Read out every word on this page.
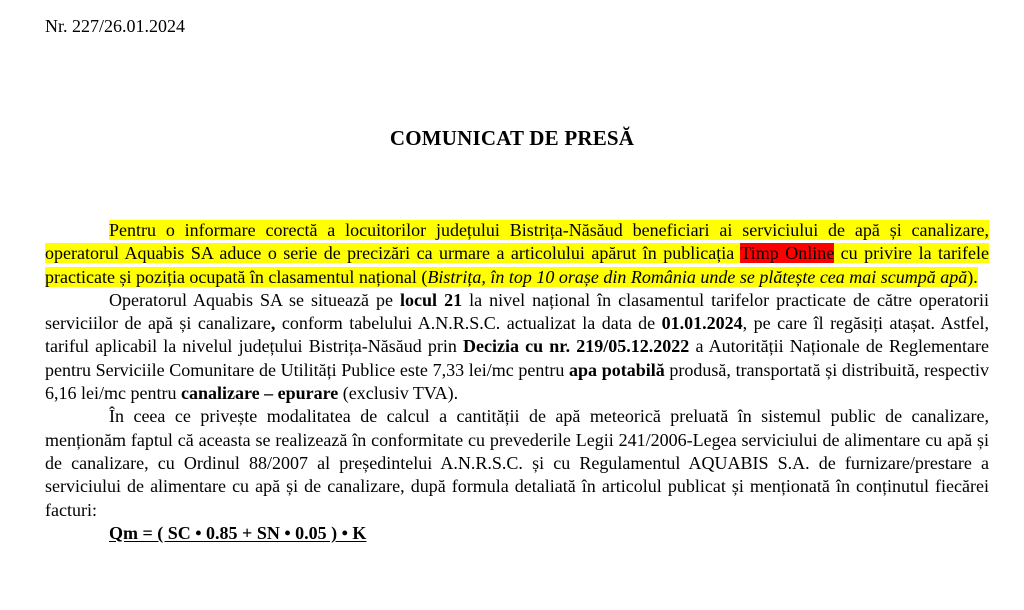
Nr. 227/26.01.2024
COMUNICAT DE PRESĂ

Pentru o informare corectă a locuitorilor județului Bistrița-Năsăud beneficiari ai serviciului de apă și canalizare, operatorul Aquabis SA aduce o serie de precizări ca urmare a articolului apărut în publicația Timp Online cu privire la tarifele practicate și poziția ocupată în clasamentul național (Bistrița, în top 10 orașe din România unde se plătește cea mai scumpă apă).

Operatorul Aquabis SA se situează pe locul 21 la nivel național în clasamentul tarifelor practicate de către operatorii serviciilor de apă și canalizare, conform tabelului A.N.R.S.C. actualizat la data de 01.01.2024, pe care îl regăsiți atașat. Astfel, tariful aplicabil la nivelul județului Bistrița-Năsăud prin Decizia cu nr. 219/05.12.2022 a Autorității Naționale de Reglementare pentru Serviciile Comunitare de Utilități Publice este 7,33 lei/mc pentru apa potabilă produsă, transportată și distribuită, respectiv 6,16 lei/mc pentru canalizare – epurare (exclusiv TVA).

În ceea ce privește modalitatea de calcul a cantității de apă meteorică preluată în sistemul public de canalizare, menționăm faptul că aceasta se realizează în conformitate cu prevederile Legii 241/2006-Legea serviciului de alimentare cu apă și de canalizare, cu Ordinul 88/2007 al președintelui A.N.R.S.C. și cu Regulamentul AQUABIS S.A. de furnizare/prestare a serviciului de alimentare cu apă și de canalizare, după formula detaliată în articolul publicat și menționată în conținutul fiecărei facturi:

Qm = ( SC • 0.85 + SN • 0.05 ) • K
